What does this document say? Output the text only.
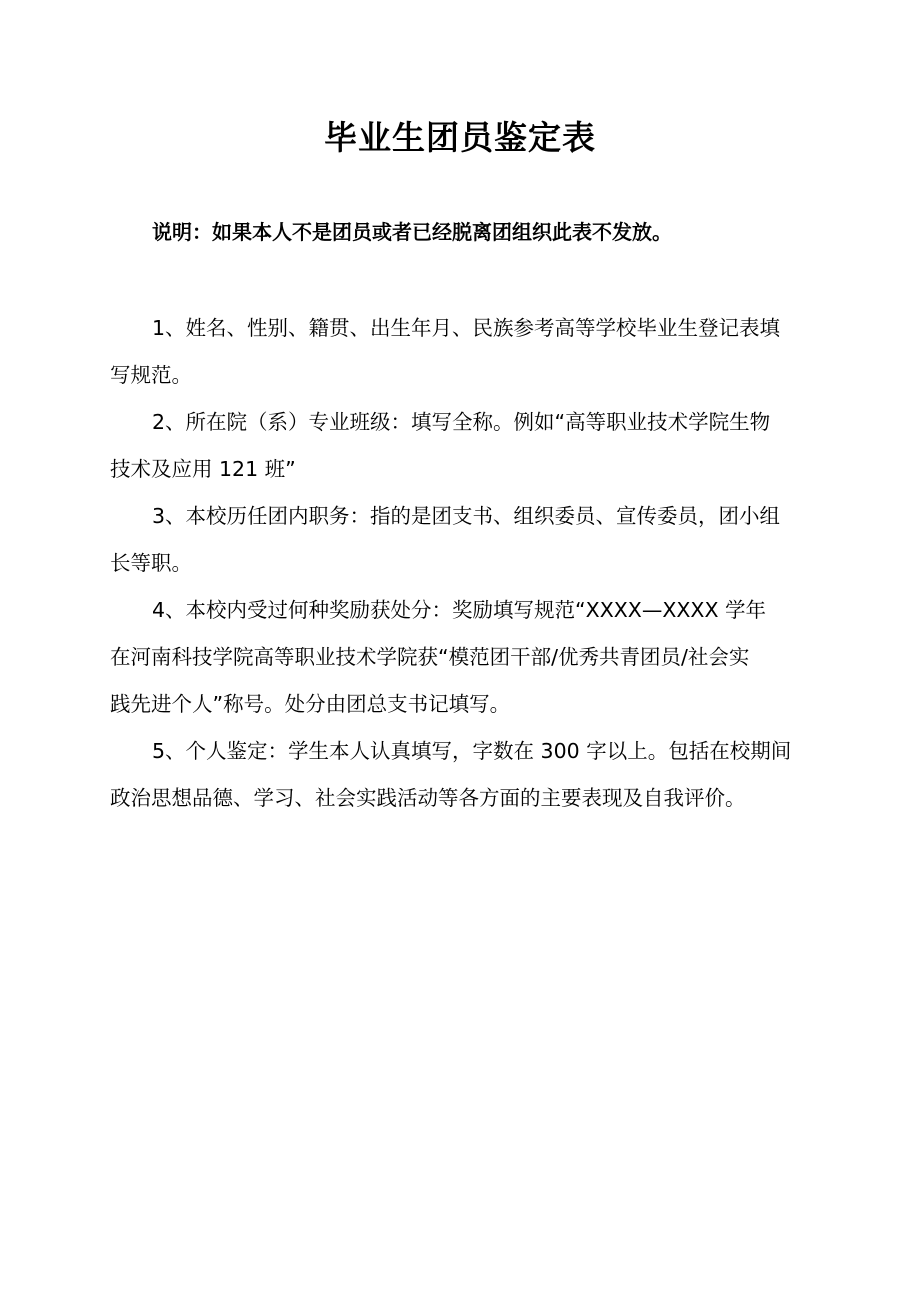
毕业生团员鉴定表
说明：如果本人不是团员或者已经脱离团组织此表不发放。
1、姓名、性别、籍贯、出生年月、民族参考高等学校毕业生登记表填
写规范。
2、所在院（系）专业班级：填写全称。例如“高等职业技术学院生物
技术及应用 121 班”
3、本校历任团内职务：指的是团支书、组织委员、宣传委员，团小组
长等职。
4、本校内受过何种奖励获处分：奖励填写规范“XXXX—XXXX 学年
在河南科技学院高等职业技术学院获“模范团干部/优秀共青团员/社会实
践先进个人”称号。处分由团总支书记填写。
5、个人鉴定：学生本人认真填写，字数在 300 字以上。包括在校期间
政治思想品德、学习、社会实践活动等各方面的主要表现及自我评价。
